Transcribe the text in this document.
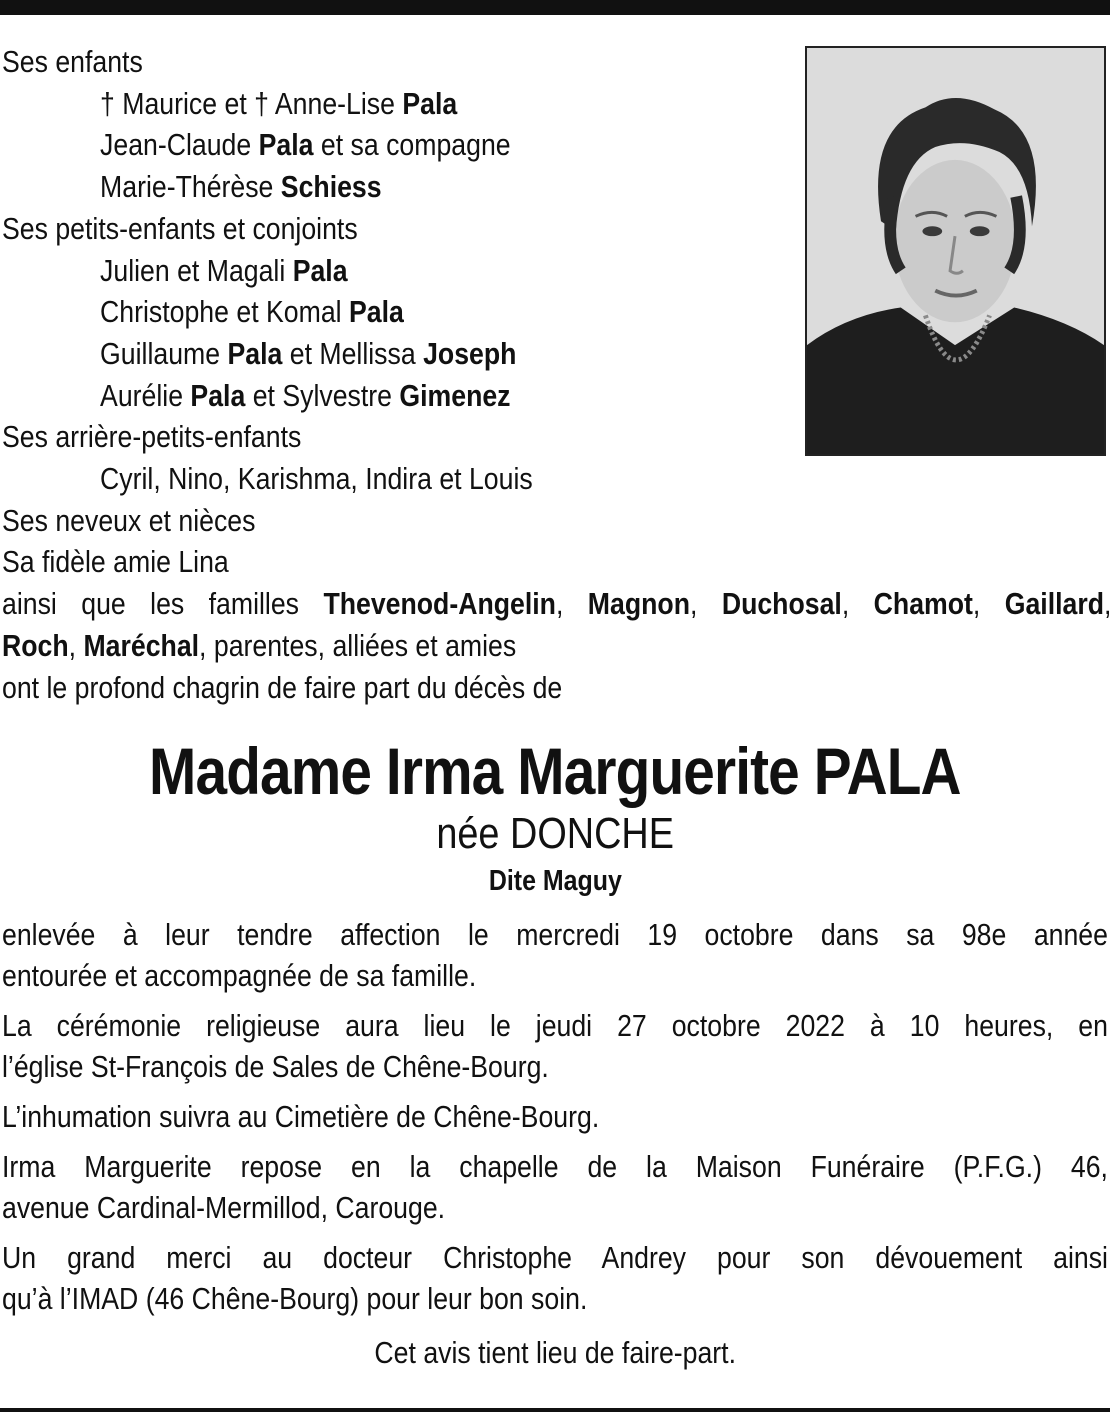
Ses enfants
† Maurice et † Anne-Lise Pala
Jean-Claude Pala et sa compagne
Marie-Thérèse Schiess
Ses petits-enfants et conjoints
Julien et Magali Pala
Christophe et Komal Pala
Guillaume Pala et Mellissa Joseph
Aurélie Pala et Sylvestre Gimenez
Ses arrière-petits-enfants
Cyril, Nino, Karishma, Indira et Louis
Ses neveux et nièces
Sa fidèle amie Lina
ainsi que les familles Thevenod-Angelin, Magnon, Duchosal, Chamot, Gaillard,
Roch, Maréchal, parentes, alliées et amies
ont le profond chagrin de faire part du décès de
Madame Irma Marguerite PALA
née DONCHE
Dite Maguy
enlevée à leur tendre affection le mercredi 19 octobre dans sa 98e année
entourée et accompagnée de sa famille.
La cérémonie religieuse aura lieu le jeudi 27 octobre 2022 à 10 heures, en
l’église St-François de Sales de Chêne-Bourg.
L’inhumation suivra au Cimetière de Chêne-Bourg.
Irma Marguerite repose en la chapelle de la Maison Funéraire (P.F.G.) 46,
avenue Cardinal-Mermillod, Carouge.
Un grand merci au docteur Christophe Andrey pour son dévouement ainsi
qu’à l’IMAD (46 Chêne-Bourg) pour leur bon soin.
Cet avis tient lieu de faire-part.
